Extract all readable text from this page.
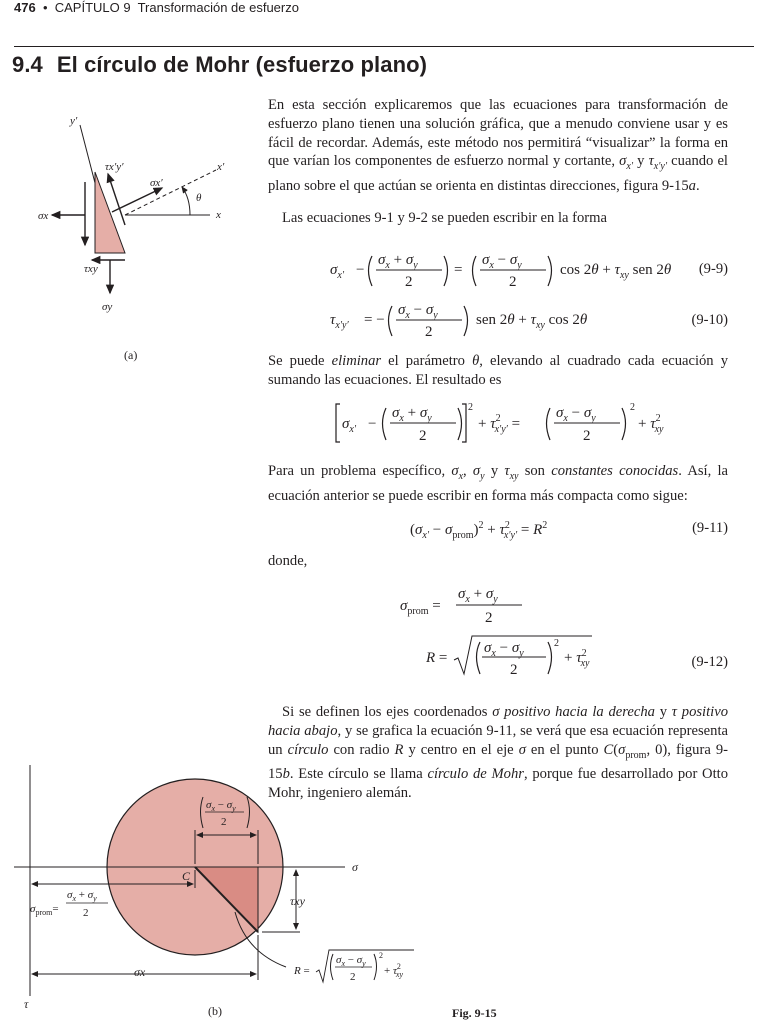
476 • CAPÍTULO 9 Transformación de esfuerzo
9.4 El círculo de Mohr (esfuerzo plano)
En esta sección explicaremos que las ecuaciones para transformación de esfuerzo plano tienen una solución gráfica, que a menudo conviene usar y es fácil de recordar. Además, este método nos permitirá “visualizar” la forma en que varían los componentes de esfuerzo normal y cortante, $\sigma_{x'}$ y $\tau_{x'y'}$ cuando el plano sobre el que actúan se orienta en distintas direcciones, figura 9-15a.
Las ecuaciones 9-1 y 9-2 se pueden escribir en la forma
$\sigma_{x'}$ −
$\sigma_x + \sigma_y$
2
=
$\sigma_x - \sigma_y$
2
$\cos 2\theta + \tau_{xy}$ sen 2θ (9-9)
$\tau_{x'y'}$ = −
$\sigma_x - \sigma_y$
2
sen $2\theta + \tau_{xy}$ cos 2θ	(9-10)
y′
x′
x
θ
σx
σy
σx′
τx′y′
τxy
(a)	Se puede eliminar el parámetro θ, elevando al cuadrado cada ecuación y sumando las ecuaciones. El resultado es
$\sigma_{x'}$ −
$\sigma_x + \sigma_y$
2
2
+ $\tau^2$ x′y′ =
$\sigma_x - \sigma_y$
2
2
+ $\tau^2$ xy
Para un problema específico, $\sigma_x$, $\sigma_y$ y $\tau_{xy}$ son constantes conocidas. Así, la ecuación anterior se puede escribir en forma más compacta como sigue:
$(\sigma_{x'} - \sigma_{prom})^2 + \tau^2$ $x'y' = R^2$	(9-11)
donde,
$\sigma_{prom}$ =
$\sigma_x + \sigma_y$
2
R =
$\sigma_x - \sigma_y$
2
2
+ $\tau^2$ xy	(9-12)
Si se definen los ejes coordenados σ positivo hacia la derecha y τ positivo hacia abajo, y se grafica la ecuación 9-11, se verá que esa ecuación representa un círculo con radio R y centro en el eje σ en el punto $C(\sigma_{prom}$, 0), figura 9-15b. Este círculo se llama círculo de Mohr, porque fue desarrollado por Otto Mohr, ingeniero alemán.
$\sigma_x - \sigma_y$
2
σ
τ
C
σx
τxy
$\sigma_{prom}=$
$\sigma_x + \sigma_y$
2
R =
$\sigma_x - \sigma_y$
2
2
+ $\tau^2$ xy
(b)	Fig. 9-15
